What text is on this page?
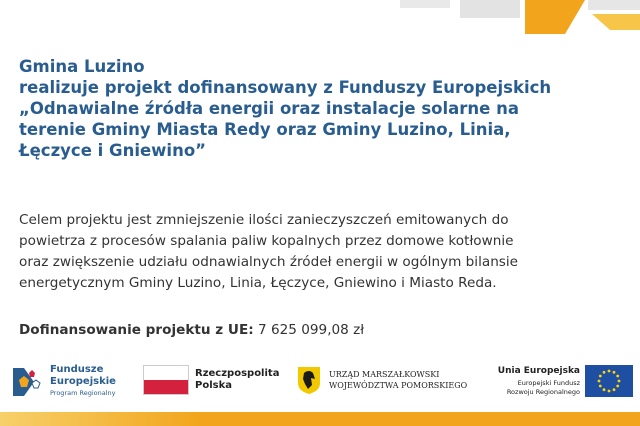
Gmina Luzino
realizuje projekt dofinansowany z Funduszy Europejskich
„Odnawialne źródła energii oraz instalacje solarne na
terenie Gminy Miasta Redy oraz Gminy Luzino, Linia,
Łęczyce i Gniewino”
Celem projektu jest zmniejszenie ilości zanieczyszczeń emitowanych do
powietrza z procesów spalania paliw kopalnych przez domowe kotłownie
oraz zwiększenie udziału odnawialnych źródeł energii w ogólnym bilansie
energetycznym Gminy Luzino, Linia, Łęczyce, Gniewino i Miasto Reda.
Dofinansowanie projektu z UE: 7 625 099,08 zł
Fundusze
Europejskie
Program Regionalny
Rzeczpospolita
Polska
URZĄD MARSZAŁKOWSKI
WOJEWÓDZTWA POMORSKIEGO
Unia Europejska
Europejski Fundusz
Rozwoju Regionalnego
